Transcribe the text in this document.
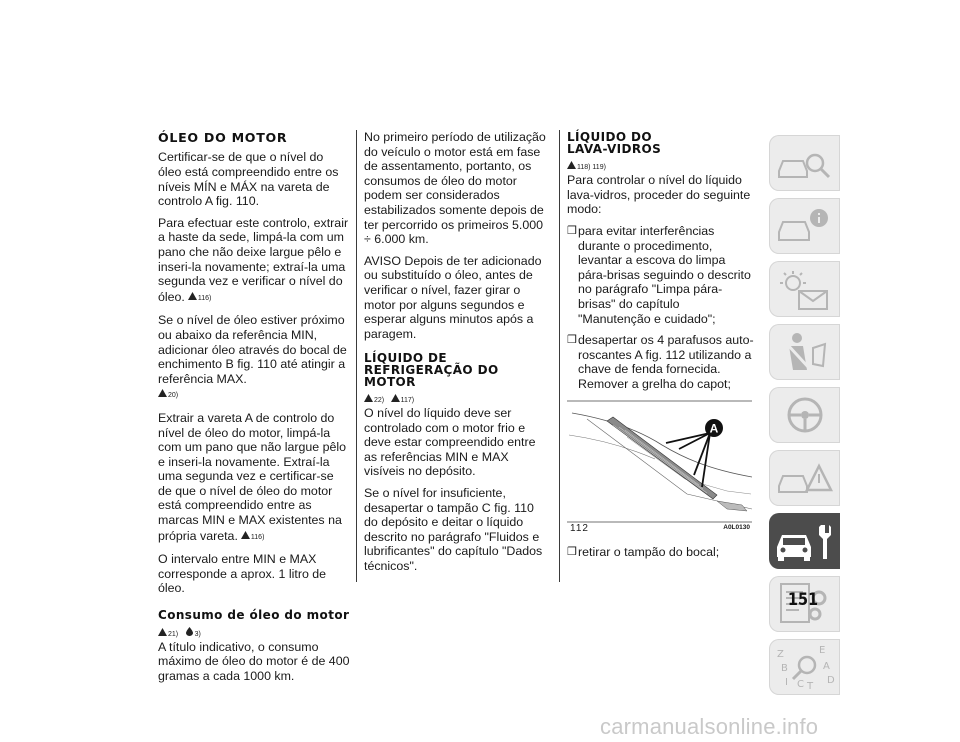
ÓLEO DO MOTOR

Certificar-se de que o nível do óleo está compreendido entre os níveis MÍN e MÁX na vareta de controlo A fig. 110.

Para efectuar este controlo, extrair a haste da sede, limpá-la com um pano che não deixe largue pêlo e inseri-la novamente; extraí-la uma segunda vez e verificar o nível do óleo. 116)

Se o nível de óleo estiver próximo ou abaixo da referência MIN, adicionar óleo através do bocal de enchimento B fig. 110 até atingir a referência MAX.
20)

Extrair a vareta A de controlo do nível de óleo do motor, limpá-la com um pano que não largue pêlo e inseri-la novamente. Extraí-la uma segunda vez e certificar-se de que o nível de óleo do motor está compreendido entre as marcas MIN e MAX existentes na própria vareta. 116)

O intervalo entre MIN e MAX corresponde a aprox. 1 litro de óleo.

Consumo de óleo do motor
21) 3)

A título indicativo, o consumo máximo de óleo do motor é de 400 gramas a cada 1000 km.

No primeiro período de utilização do veículo o motor está em fase de assentamento, portanto, os consumos de óleo do motor podem ser considerados estabilizados somente depois de ter percorrido os primeiros 5.000 ÷ 6.000 km.

AVISO Depois de ter adicionado ou substituído o óleo, antes de verificar o nível, fazer girar o motor por alguns segundos e esperar alguns minutos após a paragem.

LÍQUIDO DE REFRIGERAÇÃO DO MOTOR
22) 117)

O nível do líquido deve ser controlado com o motor frio e deve estar compreendido entre as referências MIN e MAX visíveis no depósito.

Se o nível for insuficiente, desapertar o tampão C fig. 110 do depósito e deitar o líquido descrito no parágrafo "Fluidos e lubrificantes" do capítulo "Dados técnicos".

LÍQUIDO DO LAVA-VIDROS
118) 119)

Para controlar o nível do líquido lava-vidros, proceder do seguinte modo:

❒ para evitar interferências durante o procedimento, levantar a escova do limpa pára-brisas seguindo o descrito no parágrafo "Limpa pára-brisas" do capítulo "Manutenção e cuidado";
❒ desapertar os 4 parafusos auto-roscantes A fig. 112 utilizando a chave de fenda fornecida. Remover a grelha do capot;
A
112	A0L0130
❒ retirar o tampão do bocal;
Z
B
I C T
E
A
D
151
carmanualsonline.info
